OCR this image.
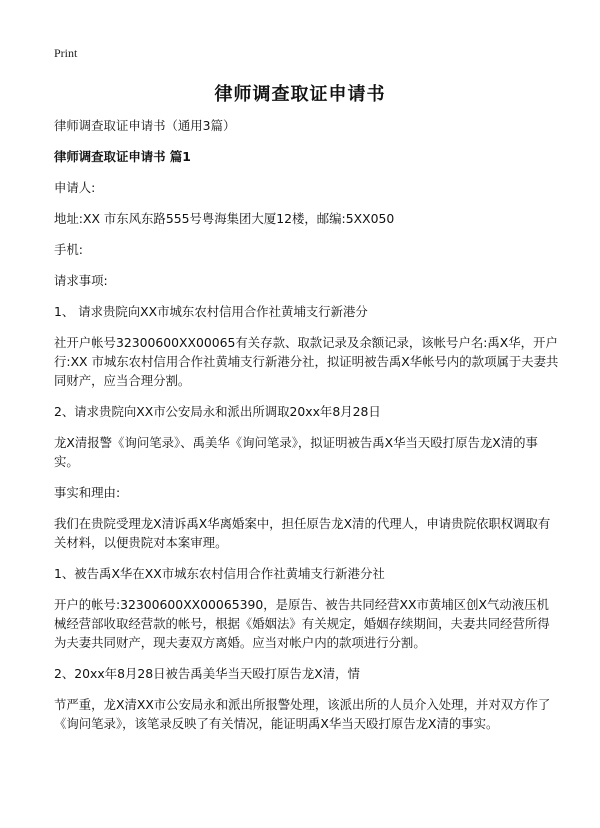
Print
律师调查取证申请书

律师调查取证申请书（通用3篇）

律师调查取证申请书 篇1

申请人:

地址:XX 市东风东路555号粤海集团大厦12楼，邮编:5XX050

手机:

请求事项:

1、 请求贵院向XX市城东农村信用合作社黄埔支行新港分

社开户帐号32300600XX00065有关存款、取款记录及余额记录，该帐号户名:禹X华，开户行:XX 市城东农村信用合作社黄埔支行新港分社，拟证明被告禹X华帐号内的款项属于夫妻共同财产，应当合理分割。

2、请求贵院向XX市公安局永和派出所调取20xx年8月28日

龙X清报警《询问笔录》、禹美华《询问笔录》，拟证明被告禹X华当天殴打原告龙X清的事实。

事实和理由:

我们在贵院受理龙X清诉禹X华离婚案中，担任原告龙X清的代理人，申请贵院依职权调取有关材料，以便贵院对本案审理。

1、被告禹X华在XX市城东农村信用合作社黄埔支行新港分社

开户的帐号:32300600XX00065390，是原告、被告共同经营XX市黄埔区创X气动液压机械经营部收取经营款的帐号，根据《婚姻法》有关规定，婚姻存续期间，夫妻共同经营所得为夫妻共同财产，现夫妻双方离婚。应当对帐户内的款项进行分割。

2、20xx年8月28日被告禹美华当天殴打原告龙X清，情

节严重，龙X清XX市公安局永和派出所报警处理，该派出所的人员介入处理，并对双方作了《询问笔录》，该笔录反映了有关情况，能证明禹X华当天殴打原告龙X清的事实。
